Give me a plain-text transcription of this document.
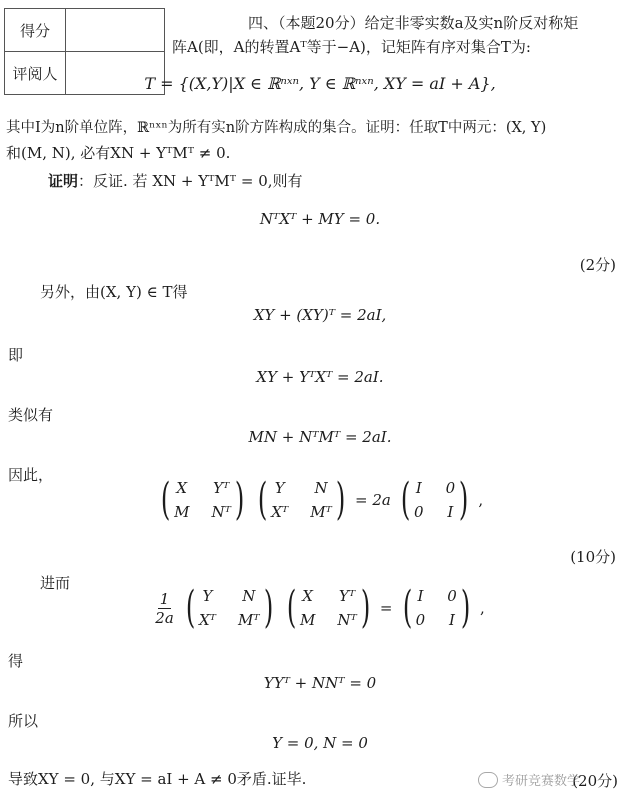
得分	
评阅人	
四、（本题20分）给定非零实数a及实n阶反对称矩
阵A(即，A的转置Aᵀ等于−A)，记矩阵有序对集合T为:
T = {(X,Y)|X ∈ ℝⁿˣⁿ, Y ∈ ℝⁿˣⁿ, XY = aI + A},
其中I为n阶单位阵，ℝⁿˣⁿ为所有实n阶方阵构成的集合。证明：任取T中两元：(X, Y)
和(M, N), 必有XN + YᵀMᵀ ≠ 0.
证明：反证. 若 XN + YᵀMᵀ = 0,则有
NᵀXᵀ + MY = 0.
(2分)
另外，由(X, Y) ∈ T得
XY + (XY)ᵀ = 2aI,
即
XY + YᵀXᵀ = 2aI.
类似有
MN + NᵀMᵀ = 2aI.
因此， ( X Yᵀ
M Nᵀ ) ( Y N
Xᵀ Mᵀ ) = 2a ( I 0
0 I ) ,
(10分)
进而
$\frac{1}{2a}$ ( Y N
Xᵀ Mᵀ ) ( X Yᵀ
M Nᵀ ) = ( I 0
0 I ) ,
得
YYᵀ + NNᵀ = 0
所以
Y = 0, N = 0
导致XY = 0, 与XY = aI + A ≠ 0矛盾.证毕.	(20分)
考研竞赛数学
